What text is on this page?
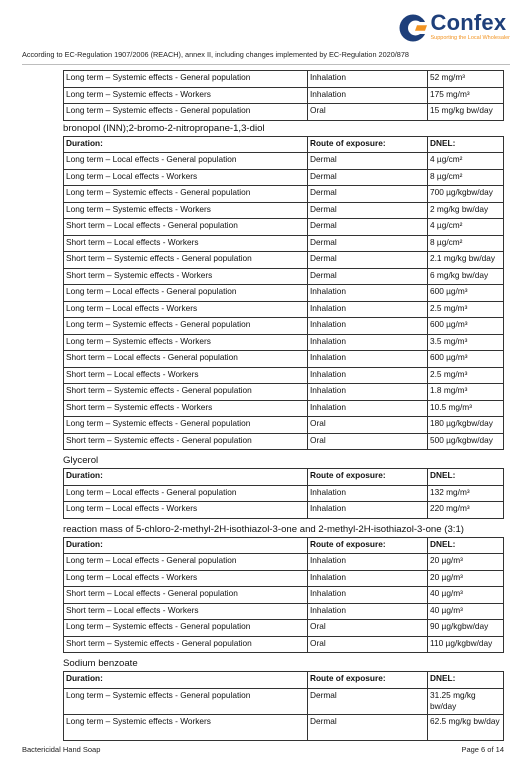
Confex
Supporting the Local Wholesaler
According to EC-Regulation 1907/2006 (REACH), annex II, including changes implemented by EC-Regulation 2020/878
Long term – Systemic effects - General population	Inhalation	52 mg/m³
Long term – Systemic effects - Workers	Inhalation	175 mg/m³
Long term – Systemic effects - General population	Oral	15 mg/kg bw/day
bronopol (INN);2-bromo-2-nitropropane-1,3-diol
Duration:	Route of exposure:	DNEL:
Long term – Local effects - General population	Dermal	4 µg/cm²
Long term – Local effects - Workers	Dermal	8 µg/cm²
Long term – Systemic effects - General population	Dermal	700 µg/kgbw/day
Long term – Systemic effects - Workers	Dermal	2 mg/kg bw/day
Short term – Local effects - General population	Dermal	4 µg/cm²
Short term – Local effects - Workers	Dermal	8 µg/cm²
Short term – Systemic effects - General population	Dermal	2.1 mg/kg bw/day
Short term – Systemic effects - Workers	Dermal	6 mg/kg bw/day
Long term – Local effects - General population	Inhalation	600 µg/m³
Long term – Local effects - Workers	Inhalation	2.5 mg/m³
Long term – Systemic effects - General population	Inhalation	600 µg/m³
Long term – Systemic effects - Workers	Inhalation	3.5 mg/m³
Short term – Local effects - General population	Inhalation	600 µg/m³
Short term – Local effects - Workers	Inhalation	2.5 mg/m³
Short term – Systemic effects - General population	Inhalation	1.8 mg/m³
Short term – Systemic effects - Workers	Inhalation	10.5 mg/m³
Long term – Systemic effects - General population	Oral	180 µg/kgbw/day
Short term – Systemic effects - General population	Oral	500 µg/kgbw/day
Glycerol
Duration:	Route of exposure:	DNEL:
Long term – Local effects - General population	Inhalation	132 mg/m³
Long term – Local effects - Workers	Inhalation	220 mg/m³
reaction mass of 5-chloro-2-methyl-2H-isothiazol-3-one and 2-methyl-2H-isothiazol-3-one (3:1)
Duration:	Route of exposure:	DNEL:
Long term – Local effects - General population	Inhalation	20 µg/m³
Long term – Local effects - Workers	Inhalation	20 µg/m³
Short term – Local effects - General population	Inhalation	40 µg/m³
Short term – Local effects - Workers	Inhalation	40 µg/m³
Long term – Systemic effects - General population	Oral	90 µg/kgbw/day
Short term – Systemic effects - General population	Oral	110 µg/kgbw/day
Sodium benzoate
Duration:	Route of exposure:	DNEL:
Long term – Systemic effects - General population	Dermal	31.25 mg/kg bw/day
Long term – Systemic effects - Workers	Dermal	62.5 mg/kg bw/day
Bactericidal Hand Soap	Page 6 of 14
